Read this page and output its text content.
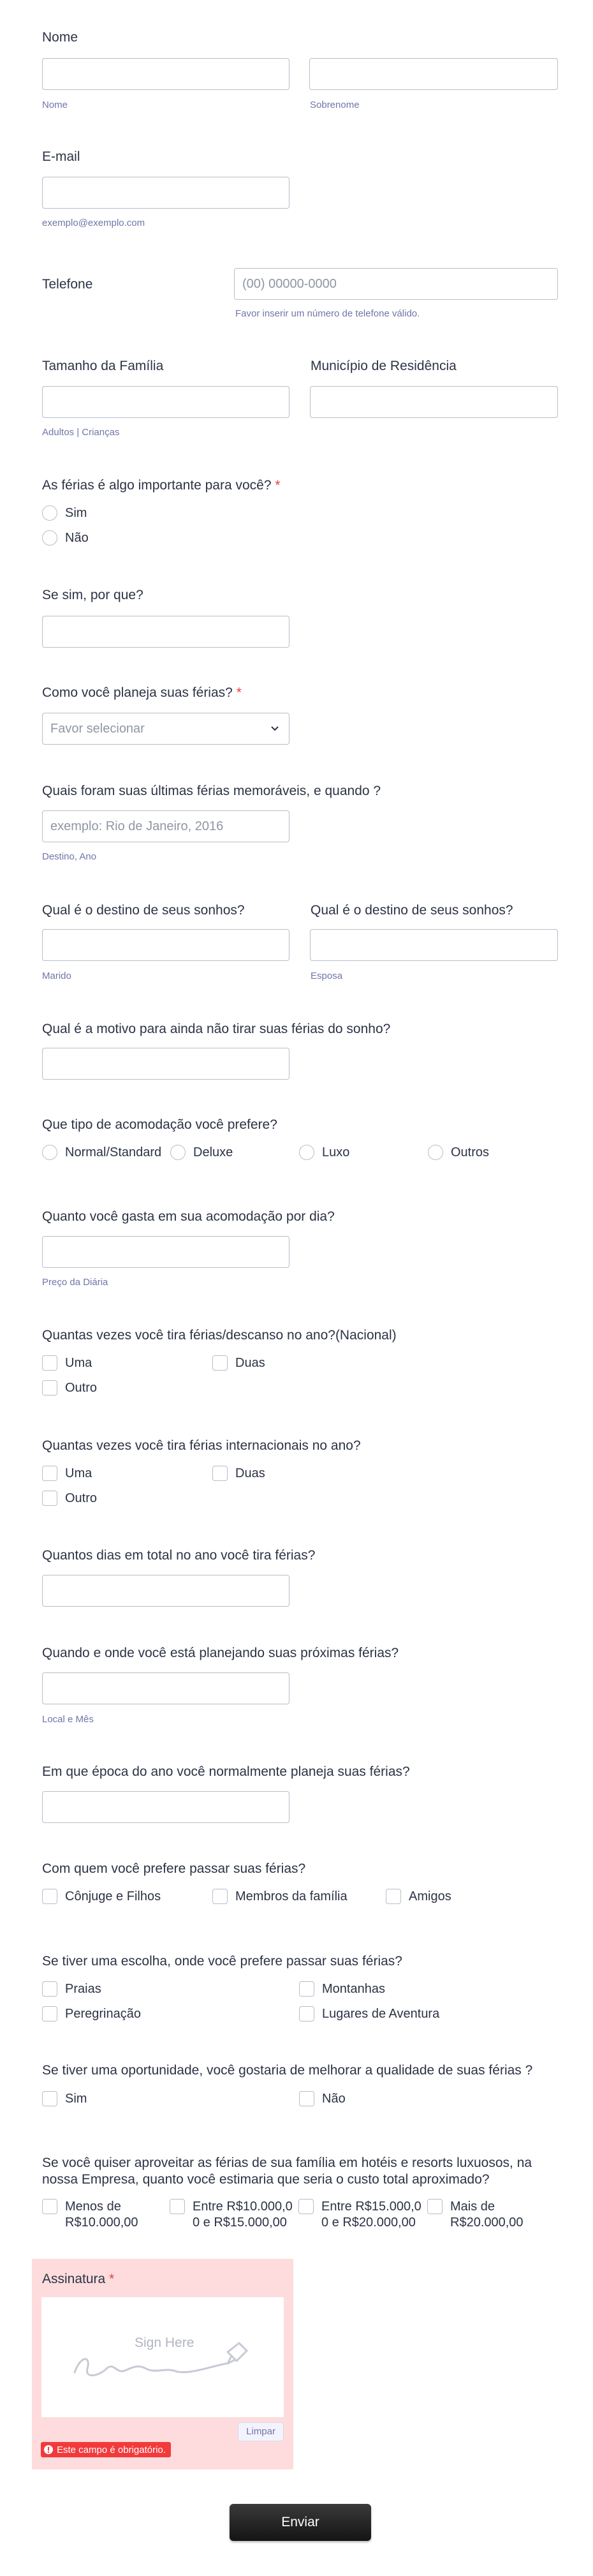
Nome
Nome	Sobrenome
E-mail
exemplo@exemplo.com
Telefone	(00) 00000-0000
Favor inserir um número de telefone válido.
Tamanho da Família	Município de Residência
Adultos | Crianças
As férias é algo importante para você? *
Sim
Não
Se sim, por que?
Como você planeja suas férias? *
Favor selecionar
Quais foram suas últimas férias memoráveis, e quando ?
exemplo: Rio de Janeiro, 2016
Destino, Ano
Qual é o destino de seus sonhos?	Qual é o destino de seus sonhos?
Marido	Esposa
Qual é a motivo para ainda não tirar suas férias do sonho?
Que tipo de acomodação você prefere?
Normal/Standard Deluxe	Luxo	Outros
Quanto você gasta em sua acomodação por dia?
Preço da Diária
Quantas vezes você tira férias/descanso no ano?(Nacional)
Uma	Duas
Outro
Quantas vezes você tira férias internacionais no ano?
Uma	Duas
Outro
Quantos dias em total no ano você tira férias?
Quando e onde você está planejando suas próximas férias?
Local e Mês
Em que época do ano você normalmente planeja suas férias?
Com quem você prefere passar suas férias?
Cônjuge e Filhos	Membros da família	Amigos
Se tiver uma escolha, onde você prefere passar suas férias?
Praias	Montanhas
Peregrinação	Lugares de Aventura
Se tiver uma oportunidade, você gostaria de melhorar a qualidade de suas férias ?
Sim	Não
Se você quiser aproveitar as férias de sua família em hotéis e resorts luxuosos, na
nossa Empresa, quanto você estimaria que seria o custo total aproximado?
Menos de
R$10.000,00
Entre R$10.000,0
0 e R$15.000,00
Entre R$15.000,0
0 e R$20.000,00
Mais de
R$20.000,00
Assinatura *
Sign Here
Limpar
Este campo é obrigatório.
Enviar
